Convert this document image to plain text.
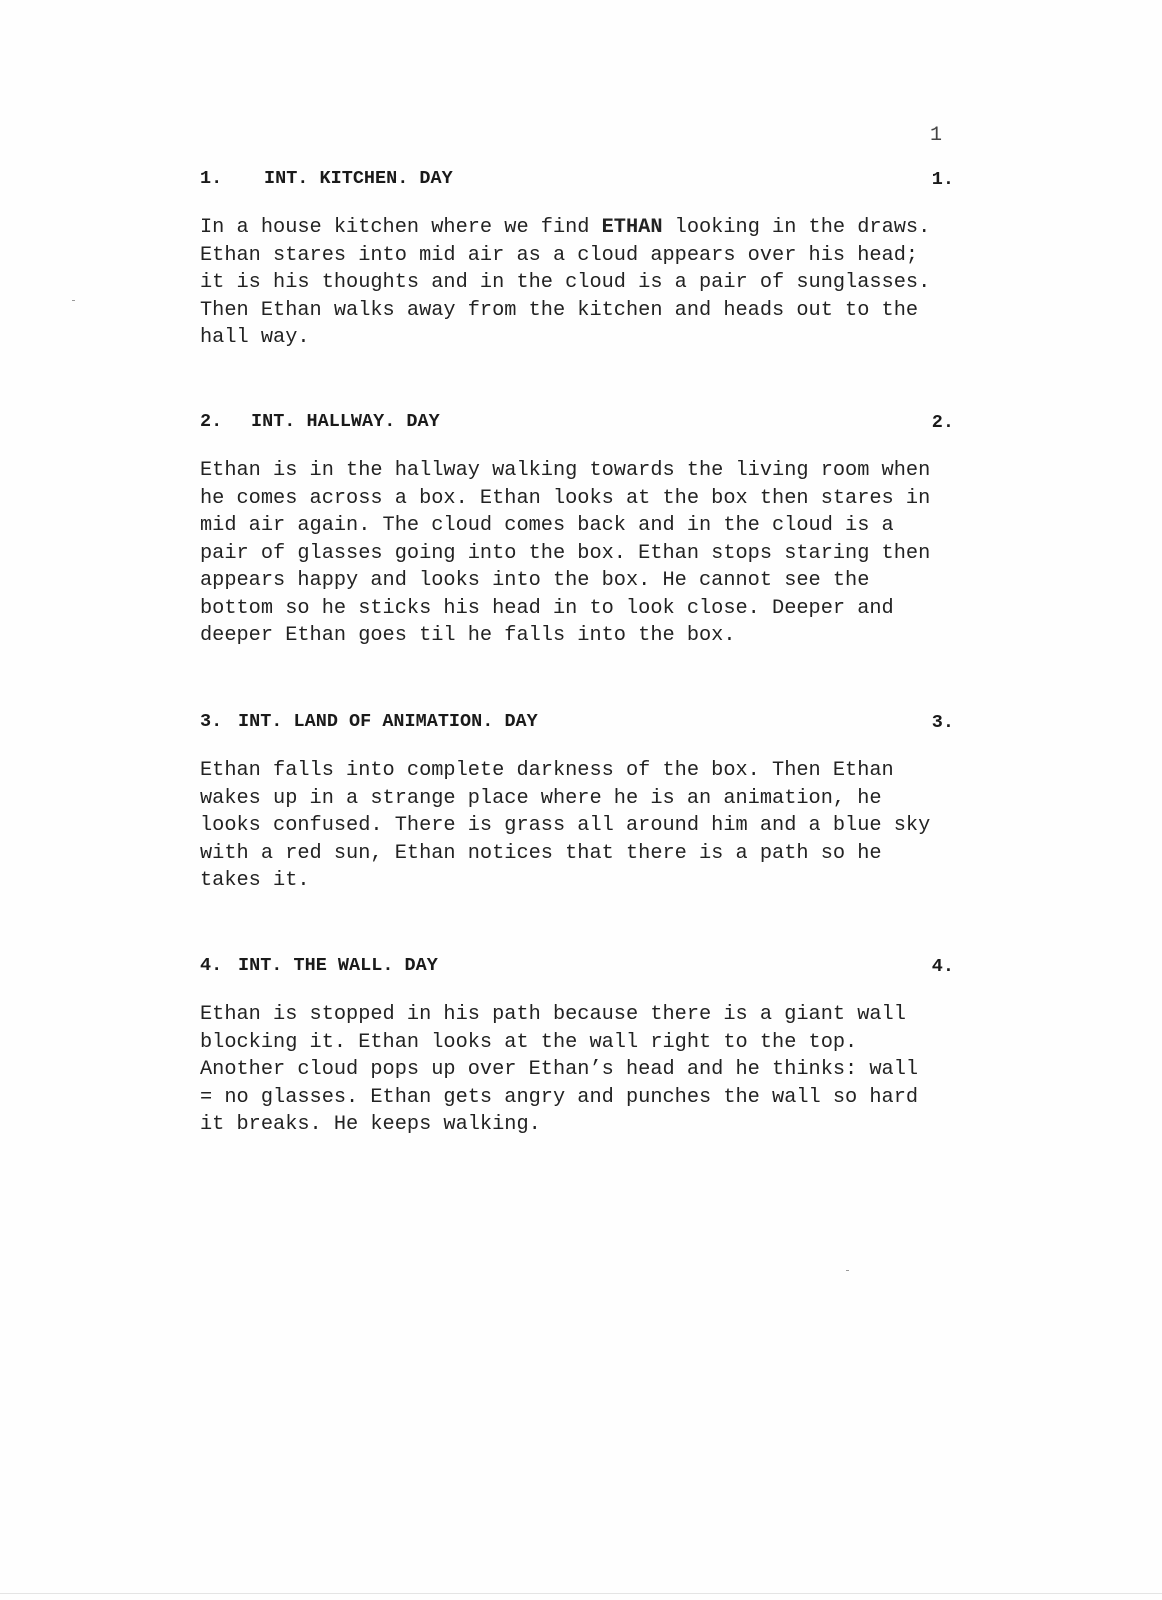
1
1. INT. KITCHEN. DAY	1.
In a house kitchen where we find ETHAN looking in the draws.
Ethan stares into mid air as a cloud appears over his head;
it is his thoughts and in the cloud is a pair of sunglasses.
Then Ethan walks away from the kitchen and heads out to the
hall way.
2. INT. HALLWAY. DAY	2.
Ethan is in the hallway walking towards the living room when
he comes across a box. Ethan looks at the box then stares in
mid air again. The cloud comes back and in the cloud is a
pair of glasses going into the box. Ethan stops staring then
appears happy and looks into the box. He cannot see the
bottom so he sticks his head in to look close. Deeper and
deeper Ethan goes til he falls into the box.
3. INT. LAND OF ANIMATION. DAY	3.
Ethan falls into complete darkness of the box. Then Ethan
wakes up in a strange place where he is an animation, he
looks confused. There is grass all around him and a blue sky
with a red sun, Ethan notices that there is a path so he
takes it.
4. INT. THE WALL. DAY	4.
Ethan is stopped in his path because there is a giant wall
blocking it. Ethan looks at the wall right to the top.
Another cloud pops up over Ethan’s head and he thinks: wall
= no glasses. Ethan gets angry and punches the wall so hard
it breaks. He keeps walking.
